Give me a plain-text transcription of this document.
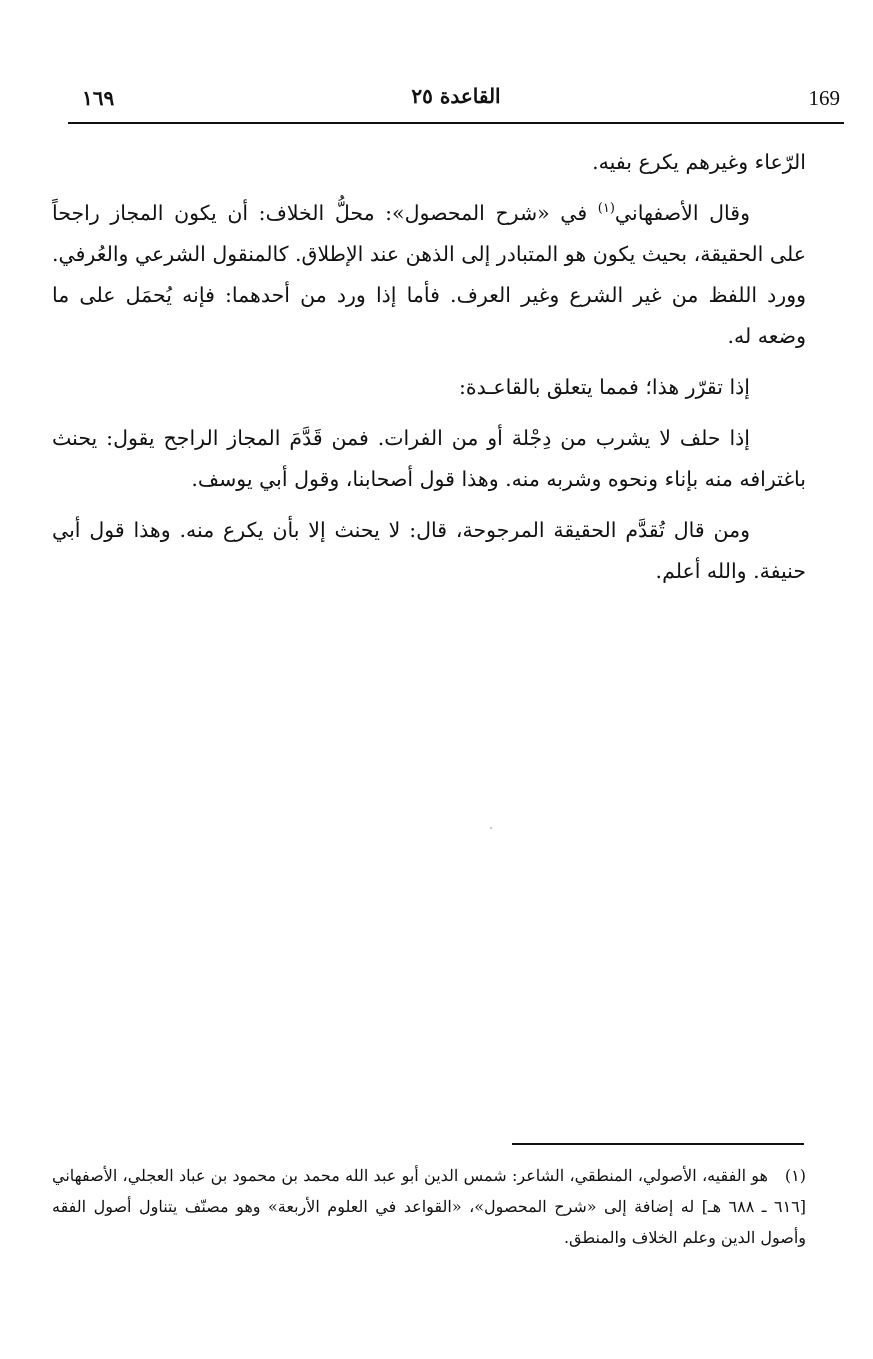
169
القاعدة ٢٥
١٦٩

الرّعاء وغيرهم يكرع بفيه.

وقال الأصفهاني$^{(١)}$ في «شرح المحصول»: محلُّ الخلاف: أن يكون المجاز راجحاً على الحقيقة، بحيث يكون هو المتبادر إلى الذهن عند الإطلاق. كالمنقول الشرعي والعُرفي. وورد اللفظ من غير الشرع وغير العرف. فأما إذا ورد من أحدهما: فإنه يُحمَل على ما وضعه له.

إذا تقرّر هذا؛ فمما يتعلق بالقاعـدة:

إذا حلف لا يشرب من دِجْلة أو من الفرات. فمن قَدَّمَ المجاز الراجح يقول: يحنث باغترافه منه بإناء ونحوه وشربه منه. وهذا قول أصحابنا، وقول أبي يوسف.

ومن قال تُقدَّم الحقيقة المرجوحة، قال: لا يحنث إلا بأن يكرع منه. وهذا قول أبي حنيفة. والله أعلم.

(١)هو الفقيه، الأصولي، المنطقي، الشاعر: شمس الدين أبو عبد الله محمد بن محمود بن عباد العجلي، الأصفهاني [٦١٦ ـ ٦٨٨ هـ] له إضافة إلى «شرح المحصول»، «القواعد في العلوم الأربعة» وهو مصنّف يتناول أصول الفقه وأصول الدين وعلم الخلاف والمنطق.
